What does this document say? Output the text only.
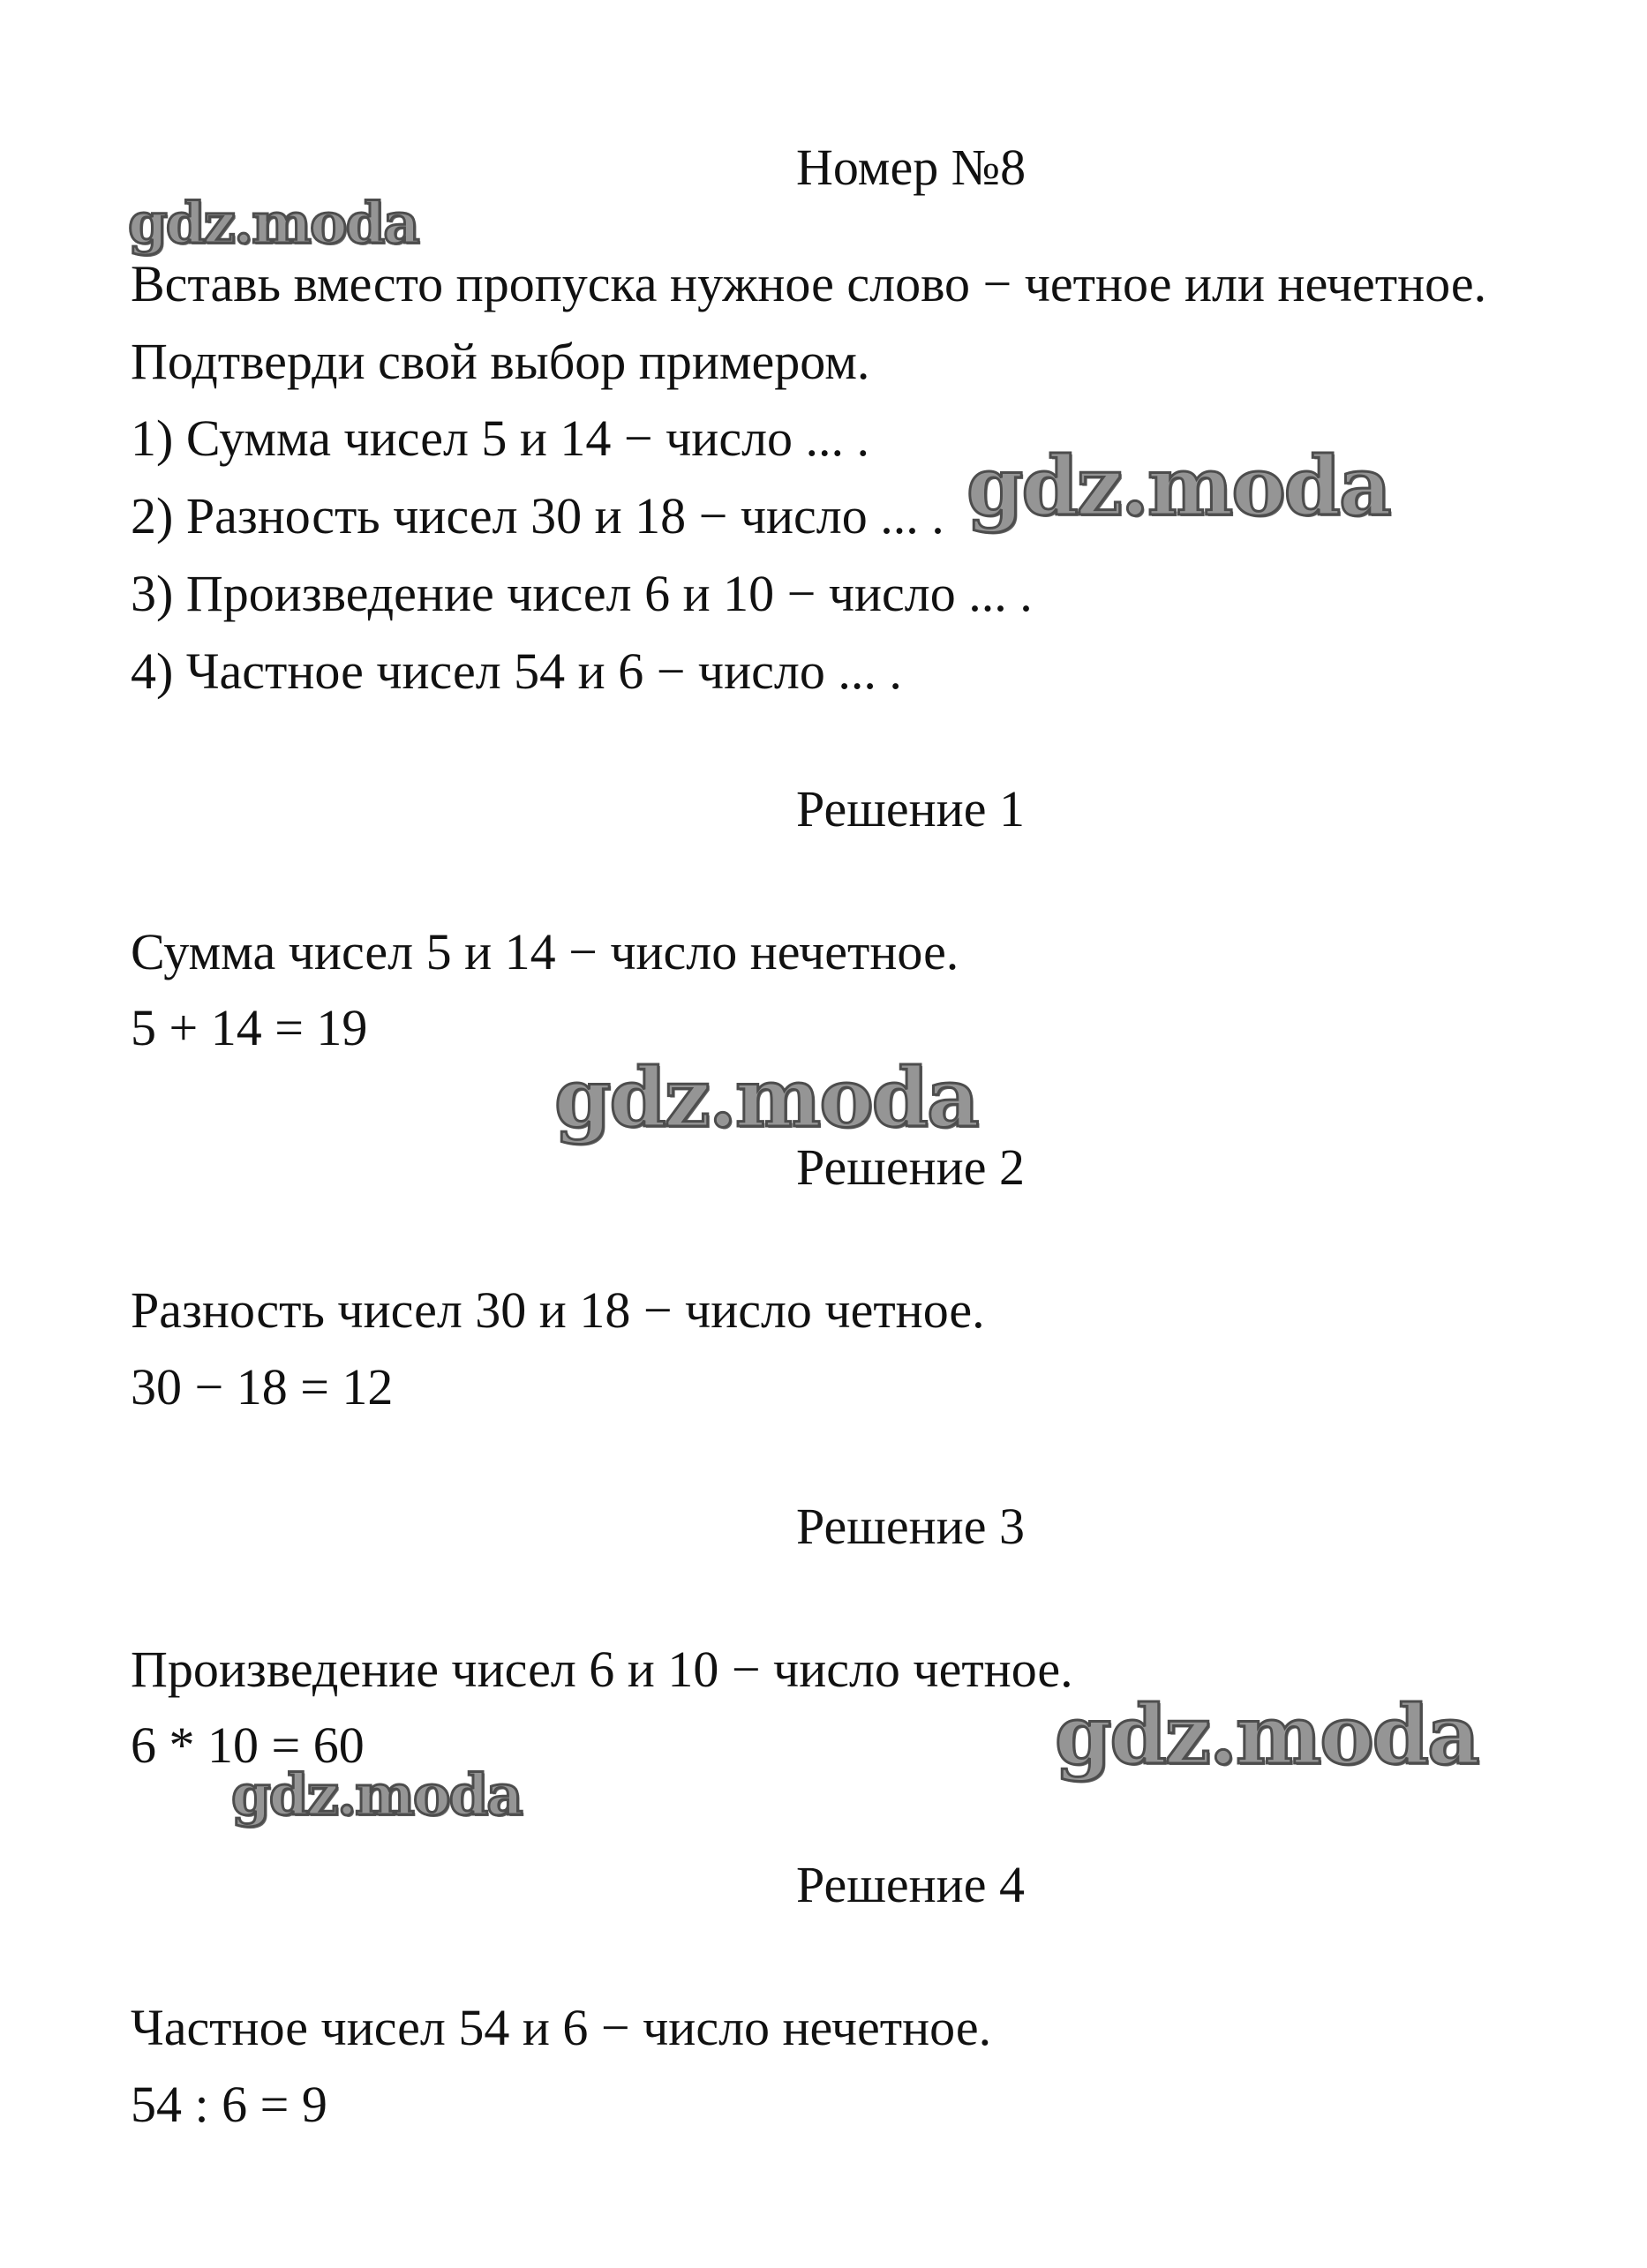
Номер №8
Вставь вместо пропуска нужное слово − четное или нечетное.
Подтверди свой выбор примером.
1) Сумма чисел 5 и 14 − число ... .
2) Разность чисел 30 и 18 − число ... .
3) Произведение чисел 6 и 10 − число ... .
4) Частное чисел 54 и 6 − число ... .
Решение 1
Сумма чисел 5 и 14 − число нечетное.
5 + 14 = 19
Решение 2
Разность чисел 30 и 18 − число четное.
30 − 18 = 12
Решение 3
Произведение чисел 6 и 10 − число четное.
6 * 10 = 60
Решение 4
Частное чисел 54 и 6 − число нечетное.
54 : 6 = 9
gdz.moda
gdz.moda
gdz.moda
gdz.moda
gdz.moda
